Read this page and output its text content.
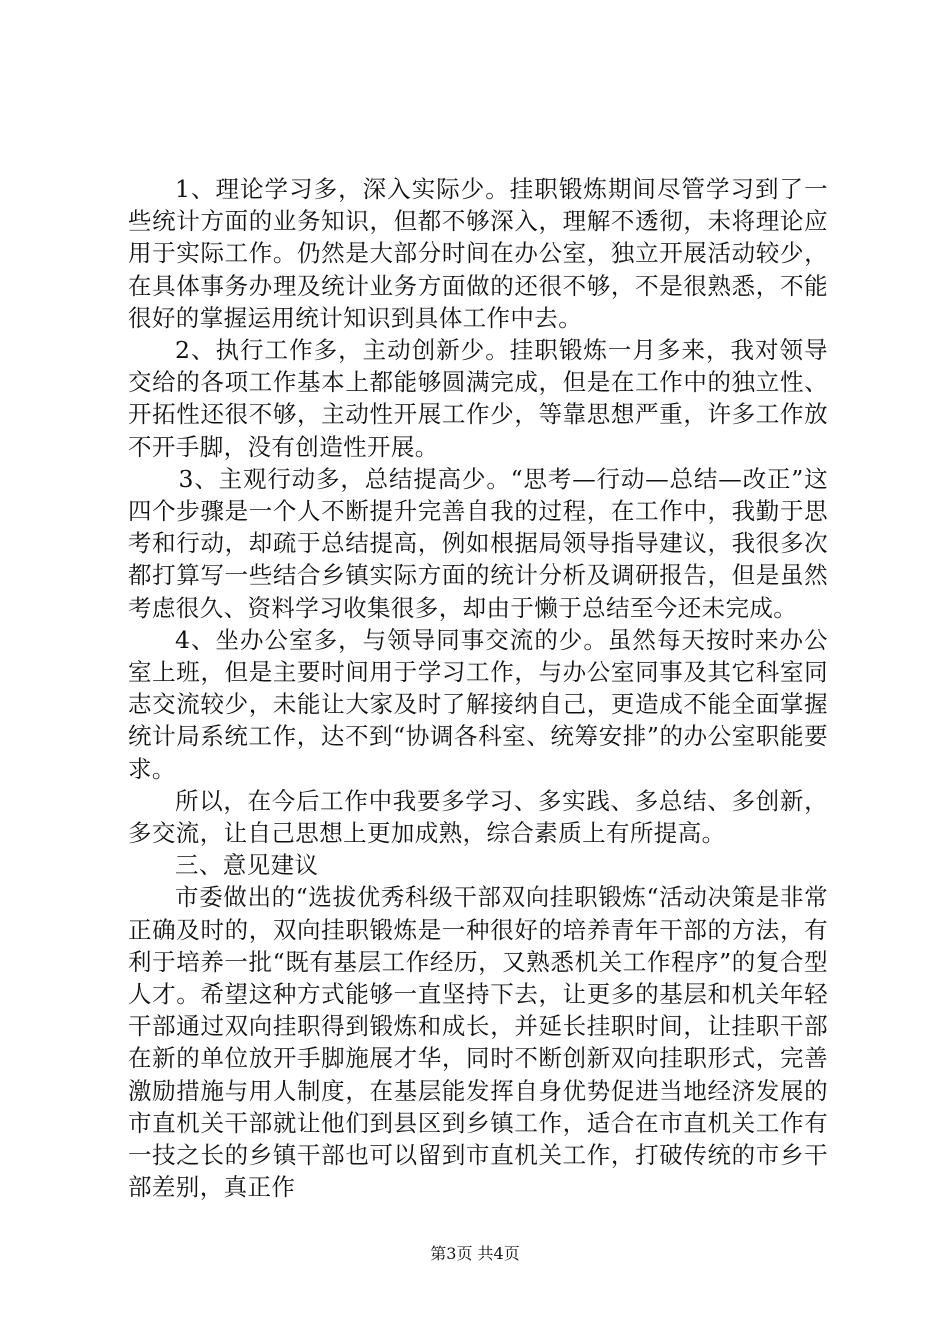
1、理论学习多，深入实际少。挂职锻炼期间尽管学习到了一些统计方面的业务知识，但都不够深入，理解不透彻，未将理论应用于实际工作。仍然是大部分时间在办公室，独立开展活动较少，在具体事务办理及统计业务方面做的还很不够，不是很熟悉，不能很好的掌握运用统计知识到具体工作中去。

2、执行工作多，主动创新少。挂职锻炼一月多来，我对领导交给的各项工作基本上都能够圆满完成，但是在工作中的独立性、开拓性还很不够，主动性开展工作少，等靠思想严重，许多工作放不开手脚，没有创造性开展。

3、主观行动多，总结提高少。“思考—行动—总结—改正”这四个步骤是一个人不断提升完善自我的过程，在工作中，我勤于思考和行动，却疏于总结提高，例如根据局领导指导建议，我很多次都打算写一些结合乡镇实际方面的统计分析及调研报告，但是虽然考虑很久、资料学习收集很多，却由于懒于总结至今还未完成。

4、坐办公室多，与领导同事交流的少。虽然每天按时来办公室上班，但是主要时间用于学习工作，与办公室同事及其它科室同志交流较少，未能让大家及时了解接纳自己，更造成不能全面掌握统计局系统工作，达不到“协调各科室、统筹安排”的办公室职能要求。

所以，在今后工作中我要多学习、多实践、多总结、多创新，多交流，让自己思想上更加成熟，综合素质上有所提高。

三、意见建议

市委做出的“选拔优秀科级干部双向挂职锻炼“活动决策是非常正确及时的，双向挂职锻炼是一种很好的培养青年干部的方法，有利于培养一批“既有基层工作经历，又熟悉机关工作程序”的复合型人才。希望这种方式能够一直坚持下去，让更多的基层和机关年轻干部通过双向挂职得到锻炼和成长，并延长挂职时间，让挂职干部在新的单位放开手脚施展才华，同时不断创新双向挂职形式，完善激励措施与用人制度，在基层能发挥自身优势促进当地经济发展的市直机关干部就让他们到县区到乡镇工作，适合在市直机关工作有一技之长的乡镇干部也可以留到市直机关工作，打破传统的市乡干部差别，真正作

第3页 共4页
